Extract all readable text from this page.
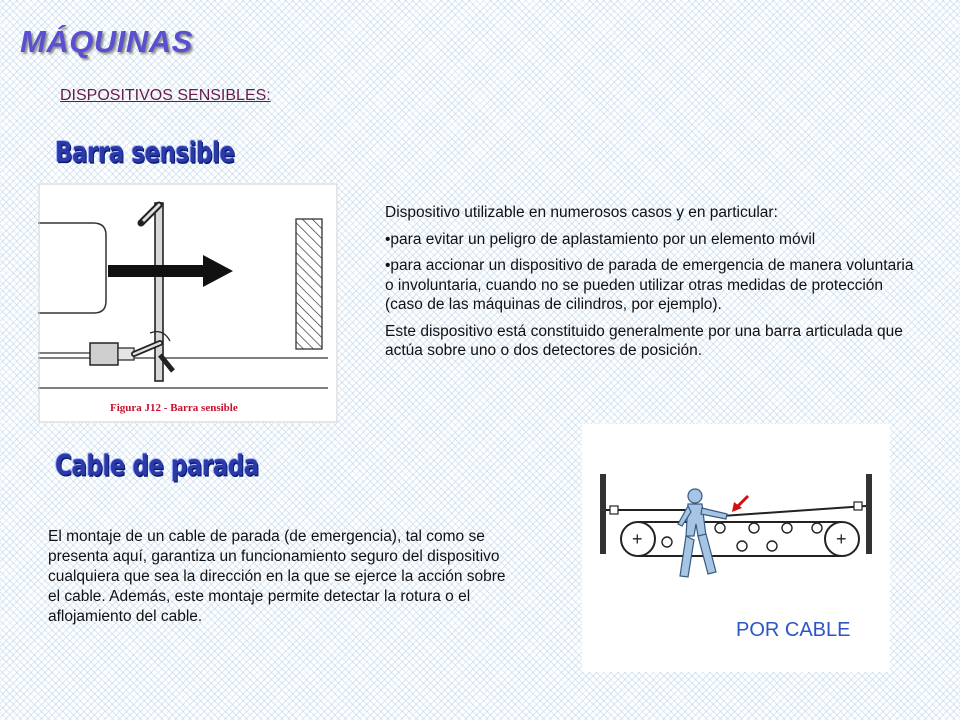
MÁQUINAS
DISPOSITIVOS SENSIBLES:
Barra sensible
Figura J12 - Barra sensible

Dispositivo utilizable en numerosos casos y en particular:

•para evitar un peligro de aplastamiento por un elemento móvil

•para accionar un dispositivo de parada de emergencia de manera voluntaria o involuntaria, cuando no se pueden utilizar otras medidas de protección (caso de las máquinas de cilindros, por ejemplo).

Este dispositivo está constituido generalmente por una barra articulada que actúa sobre uno o dos detectores de posición.

Cable de parada

El montaje de un cable de parada (de emergencia), tal como se presenta aquí, garantiza un funcionamiento seguro del dispositivo cualquiera que sea la dirección en la que se ejerce la acción sobre el cable. Además, este montaje permite detectar la rotura o el aflojamiento del cable.

+	+
POR CABLE
